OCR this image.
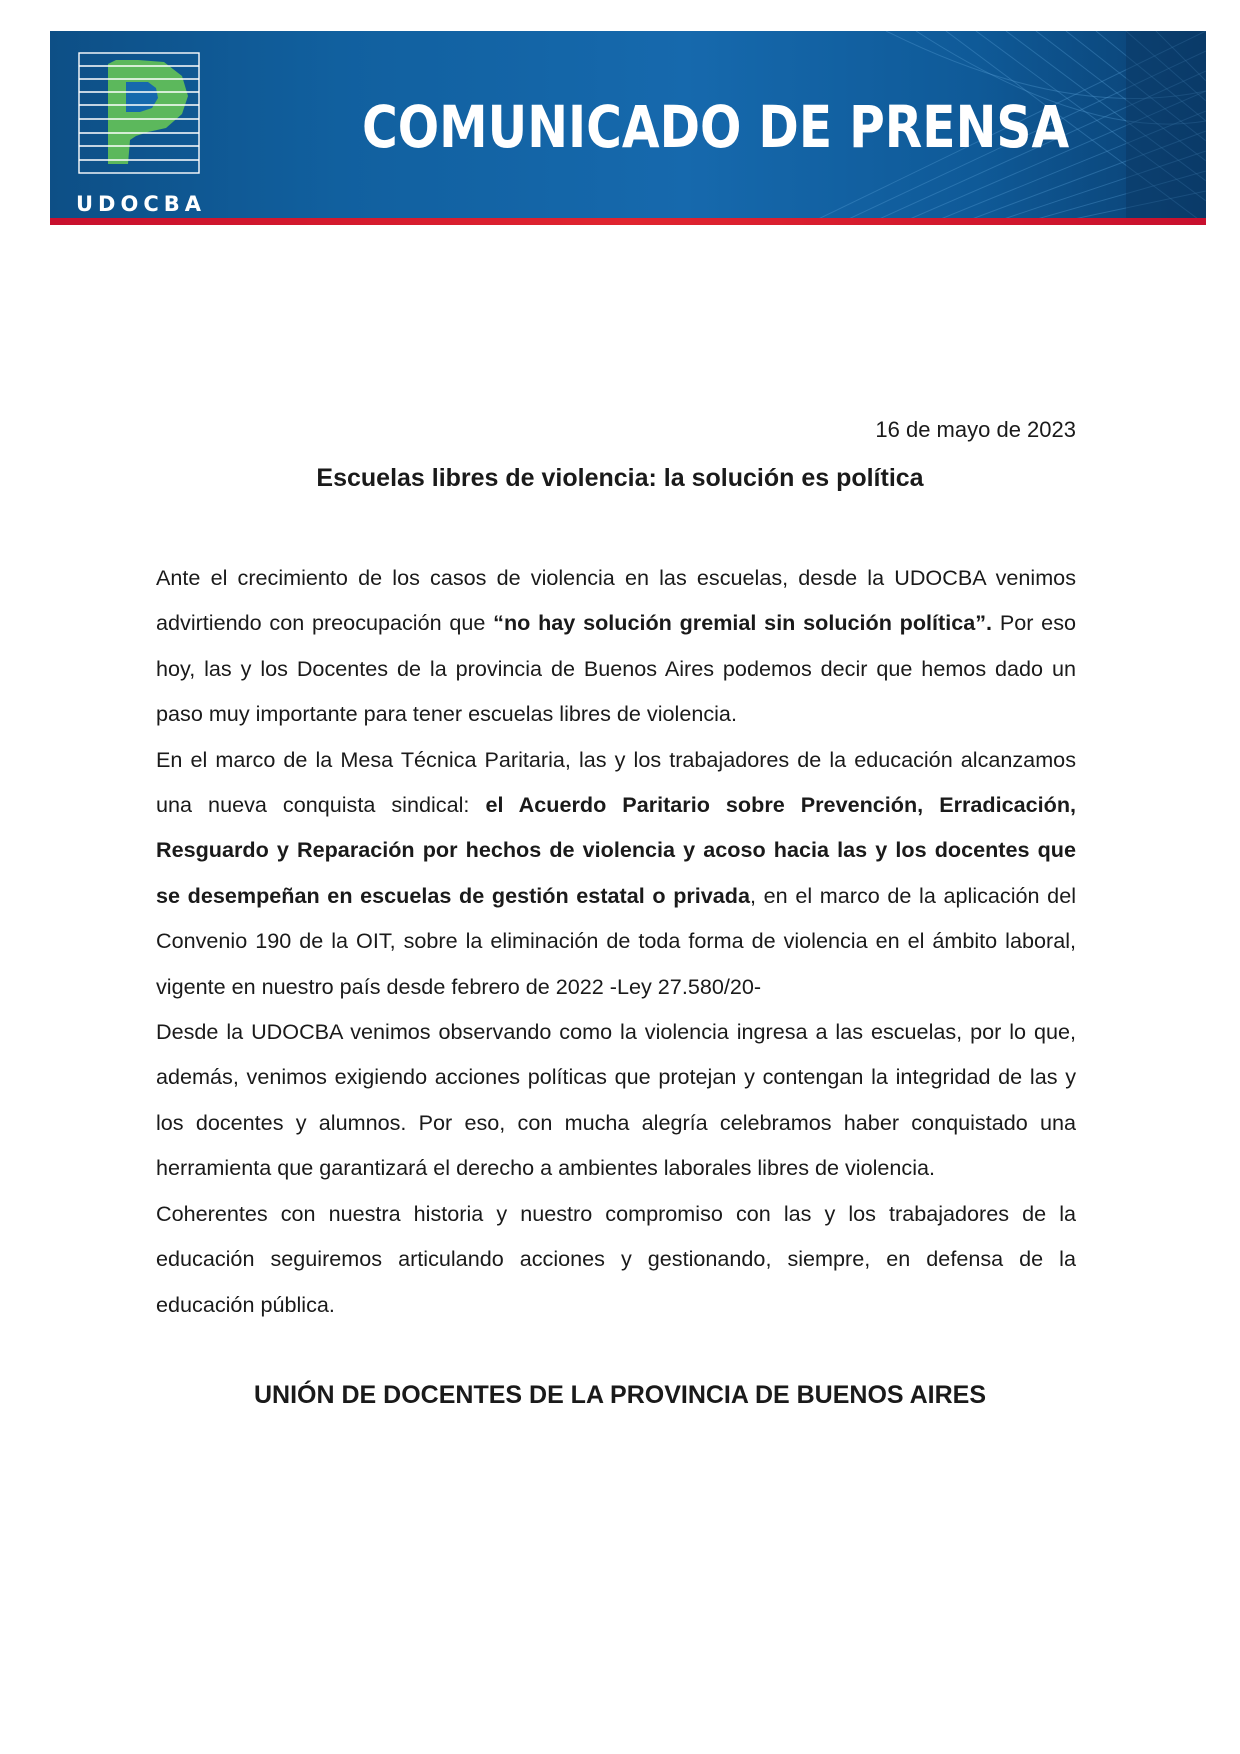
UDOCBA
COMUNICADO DE PRENSA
16 de mayo de 2023
Escuelas libres de violencia: la solución es política

Ante el crecimiento de los casos de violencia en las escuelas, desde la UDOCBA venimos advirtiendo con preocupación que “no hay solución gremial sin solución política”. Por eso hoy, las y los Docentes de la provincia de Buenos Aires podemos decir que hemos dado un paso muy importante para tener escuelas libres de violencia.

En el marco de la Mesa Técnica Paritaria, las y los trabajadores de la educación alcanzamos una nueva conquista sindical: el Acuerdo Paritario sobre Prevención, Erradicación, Resguardo y Reparación por hechos de violencia y acoso hacia las y los docentes que se desempeñan en escuelas de gestión estatal o privada, en el marco de la aplicación del Convenio 190 de la OIT, sobre la eliminación de toda forma de violencia en el ámbito laboral, vigente en nuestro país desde febrero de 2022 -Ley 27.580/20-

Desde la UDOCBA venimos observando como la violencia ingresa a las escuelas, por lo que, además, venimos exigiendo acciones políticas que protejan y contengan la integridad de las y los docentes y alumnos. Por eso, con mucha alegría celebramos haber conquistado una herramienta que garantizará el derecho a ambientes laborales libres de violencia.

Coherentes con nuestra historia y nuestro compromiso con las y los trabajadores de la educación seguiremos articulando acciones y gestionando, siempre, en defensa de la educación pública.

UNIÓN DE DOCENTES DE LA PROVINCIA DE BUENOS AIRES
